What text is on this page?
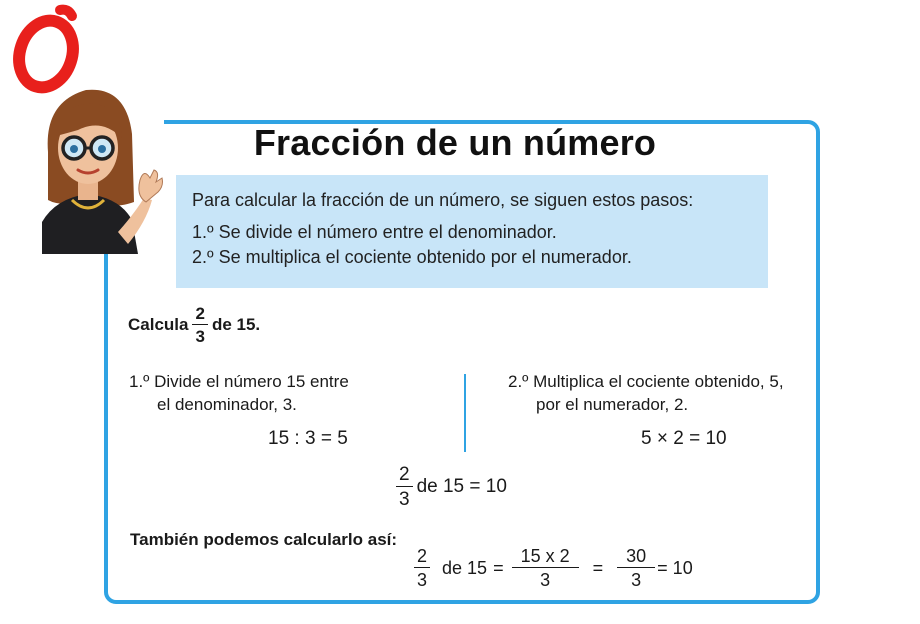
Fracción de un número
Para calcular la fracción de un número, se siguen estos pasos:
1.º Se divide el número entre el denominador.
2.º Se multiplica el cociente obtenido por el numerador.
Calcula $\frac{2}{3}$ de 15.
1.º Divide el número 15 entre
el denominador, 3.
15 : 3 = 5
2.º Multiplica el cociente obtenido, 5,
por el numerador, 2.
5 × 2 = 10
$\frac{2}{3}$ de 15 = 10
También podemos calcularlo así:
$\frac{2}{3}$ de $15 = \frac{15 x 2}{3} = \frac{30}{3} = 10$
